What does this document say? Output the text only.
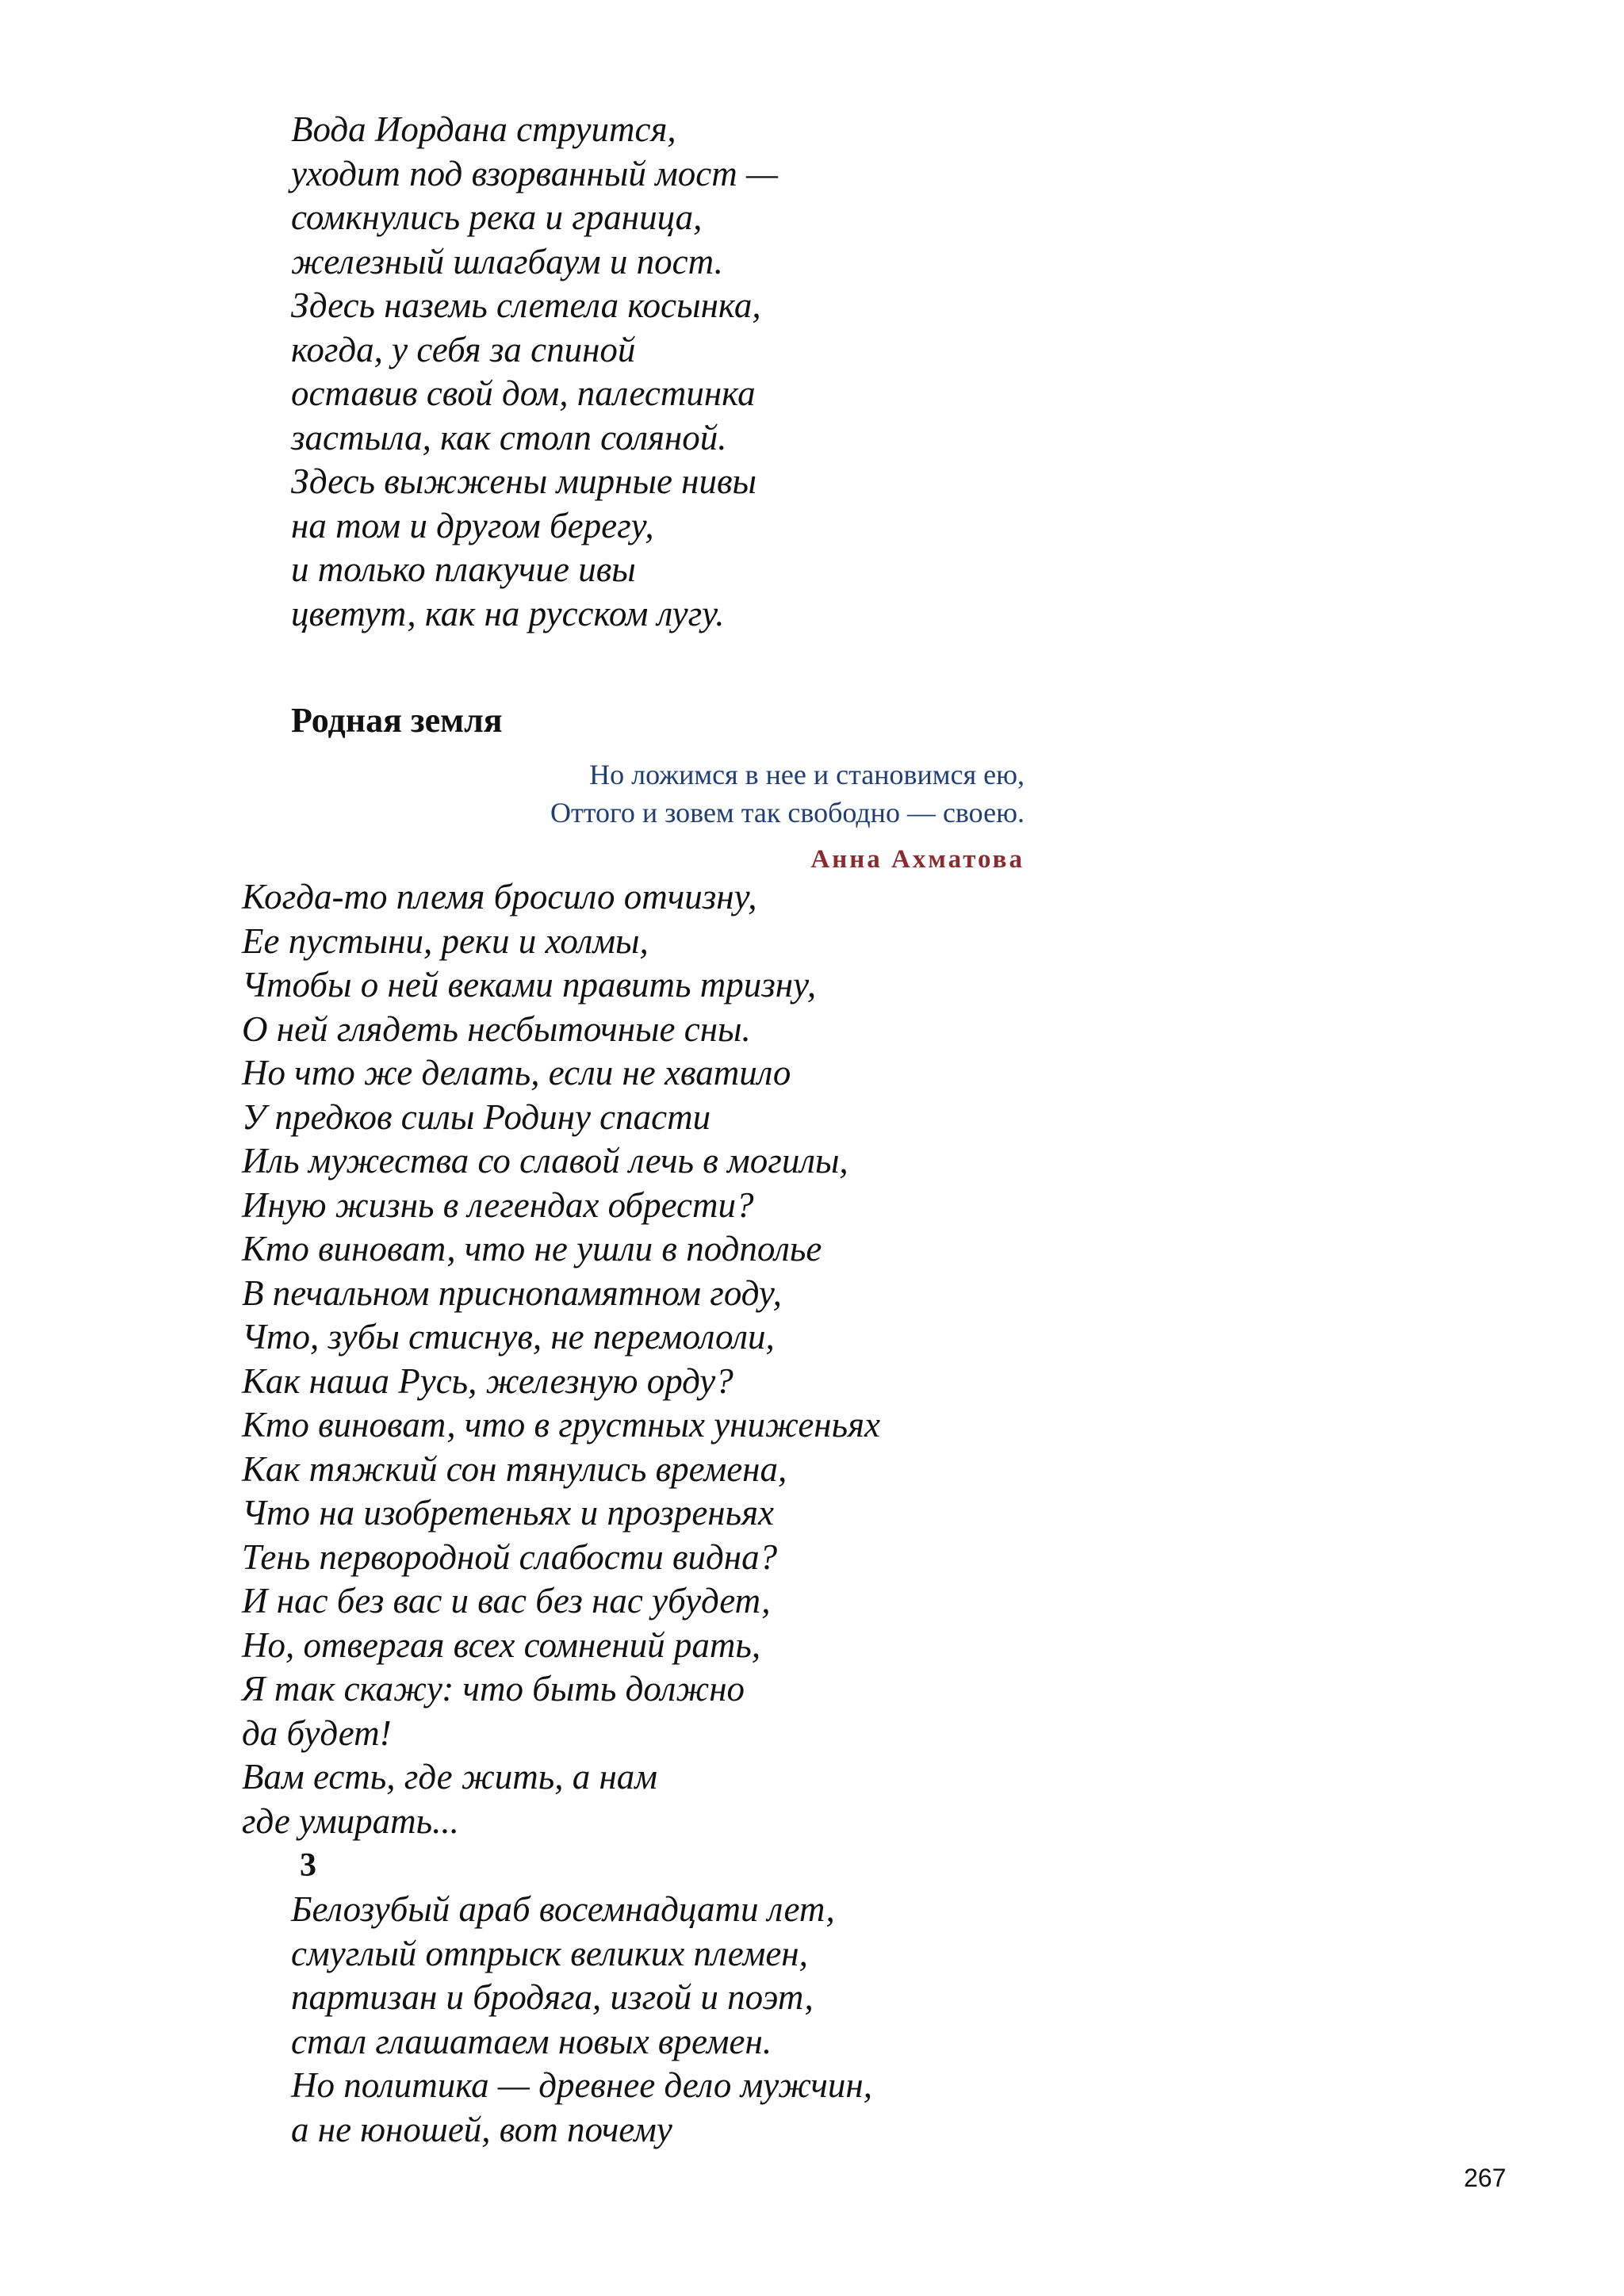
Вода Иордана струится,
уходит под взорванный мост —
сомкнулись река и граница,
железный шлагбаум и пост.
Здесь наземь слетела косынка,
когда, у себя за спиной
оставив свой дом, палестинка
застыла, как столп соляной.
Здесь выжжены мирные нивы
на том и другом берегу,
и только плакучие ивы
цветут, как на русском лугу.
Родная земля

Но ложимся в нее и становимся ею,
Оттого и зовем так свободно — своею.

Анна Ахматова

Когда-то племя бросило отчизну,
Ее пустыни, реки и холмы,
Чтобы о ней веками править тризну,
О ней глядеть несбыточные сны.
Но что же делать, если не хватило
У предков силы Родину спасти
Иль мужества со славой лечь в могилы,
Иную жизнь в легендах обрести?
Кто виноват, что не ушли в подполье
В печальном приснопамятном году,
Что, зубы стиснув, не перемололи,
Как наша Русь, железную орду?
Кто виноват, что в грустных униженьях
Как тяжкий сон тянулись времена,
Что на изобретеньях и прозреньях
Тень первородной слабости видна?
И нас без вас и вас без нас убудет,
Но, отвергая всех сомнений рать,
Я так скажу: что быть должно
да будет!
Вам есть, где жить, а нам
где умирать...

3

Белозубый араб восемнадцати лет,
смуглый отпрыск великих племен,
партизан и бродяга, изгой и поэт,
стал глашатаем новых времен.
Но политика — древнее дело мужчин,
а не юношей, вот почему
267
